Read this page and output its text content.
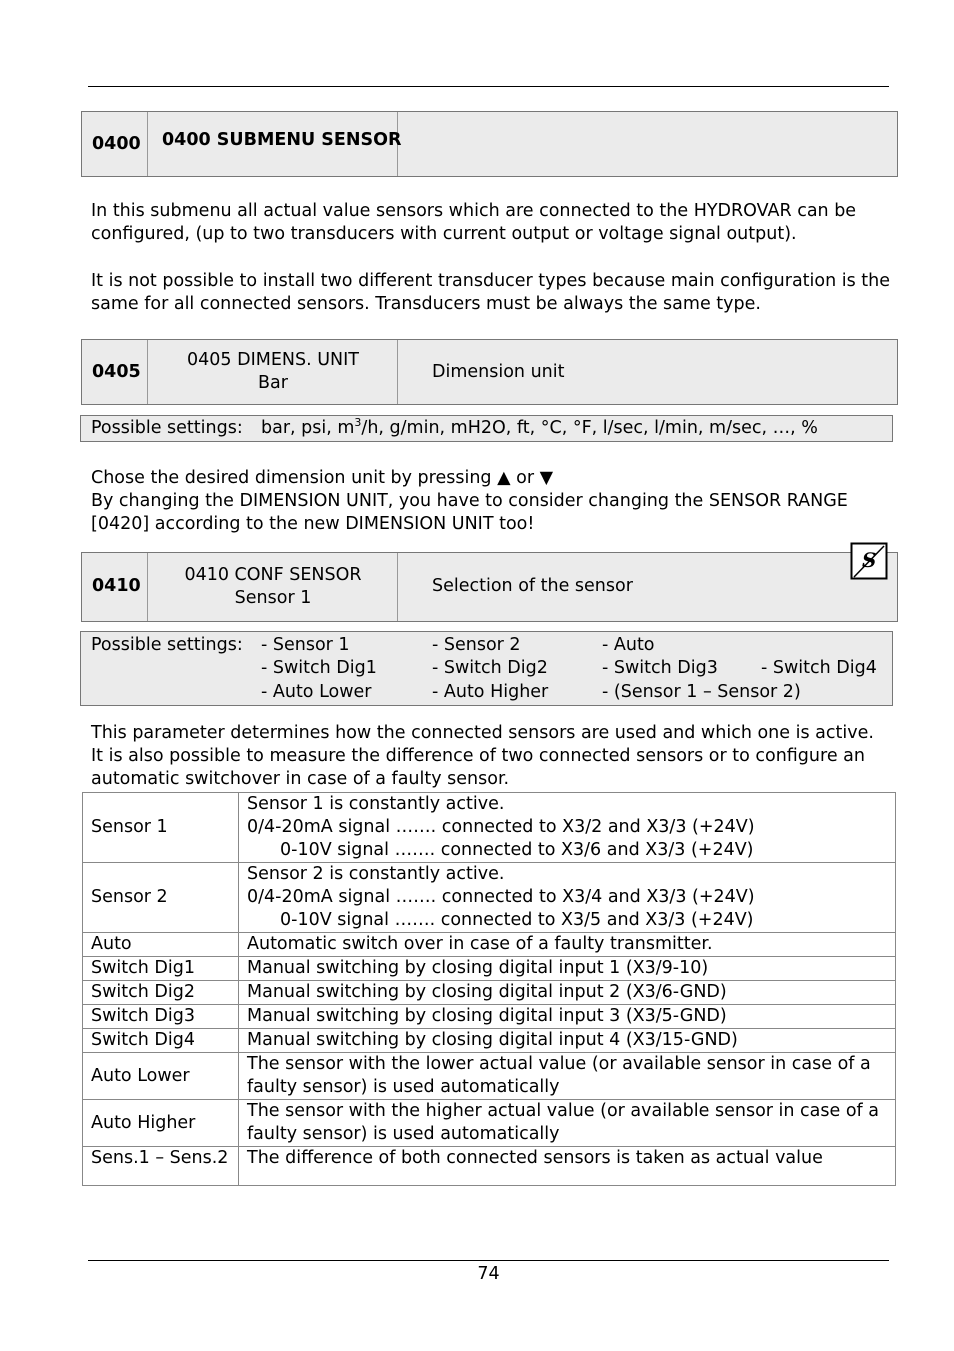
0400 0400 SUBMENU SENSOR

In this submenu all actual value sensors which are connected to the HYDROVAR can be

configured, (up to two transducers with current output or voltage signal output).

It is not possible to install two different transducer types because main configuration is the

same for all connected sensors. Transducers must be always the same type.

0405
0405 DIMENS. UNIT
Bar
Dimension unit
Possible settings: bar, psi, $m^3/h$, g/min, mH2O, ft, °C, °F, l/sec, l/min, m/sec, …, %

Chose the desired dimension unit by pressing ▲ or ▼

By changing the DIMENSION UNIT, you have to consider changing the SENSOR RANGE

[0420] according to the new DIMENSION UNIT too!

0410
0410 CONF SENSOR
Sensor 1
Selection of the sensor
S
Possible settings: - Sensor 1	- Sensor 2	- Auto
- Switch Dig1	- Switch Dig2	- Switch Dig3 - Switch Dig4
- Auto Lower	- Auto Higher	- (Sensor 1 – Sensor 2)

This parameter determines how the connected sensors are used and which one is active.

It is also possible to measure the difference of two connected sensors or to configure an

automatic switchover in case of a faulty sensor.

Sensor 1	Sensor 1 is constantly active.
0/4-20mA signal ……. connected to X3/2 and X3/3 (+24V)
0-10V signal ……. connected to X3/6 and X3/3 (+24V)

Sensor 2	Sensor 2 is constantly active.
0/4-20mA signal ……. connected to X3/4 and X3/3 (+24V)
0-10V signal ……. connected to X3/5 and X3/3 (+24V)

Auto	Automatic switch over in case of a faulty transmitter.
Switch Dig1	Manual switching by closing digital input 1 (X3/9-10)
Switch Dig2	Manual switching by closing digital input 2 (X3/6-GND)
Switch Dig3	Manual switching by closing digital input 3 (X3/5-GND)
Switch Dig4	Manual switching by closing digital input 4 (X3/15-GND)
Auto Lower	The sensor with the lower actual value (or available sensor in case of a
faulty sensor) is used automatically

Auto Higher	The sensor with the higher actual value (or available sensor in case of a
faulty sensor) is used automatically

Sens.1 – Sens.2	The difference of both connected sensors is taken as actual value
74
